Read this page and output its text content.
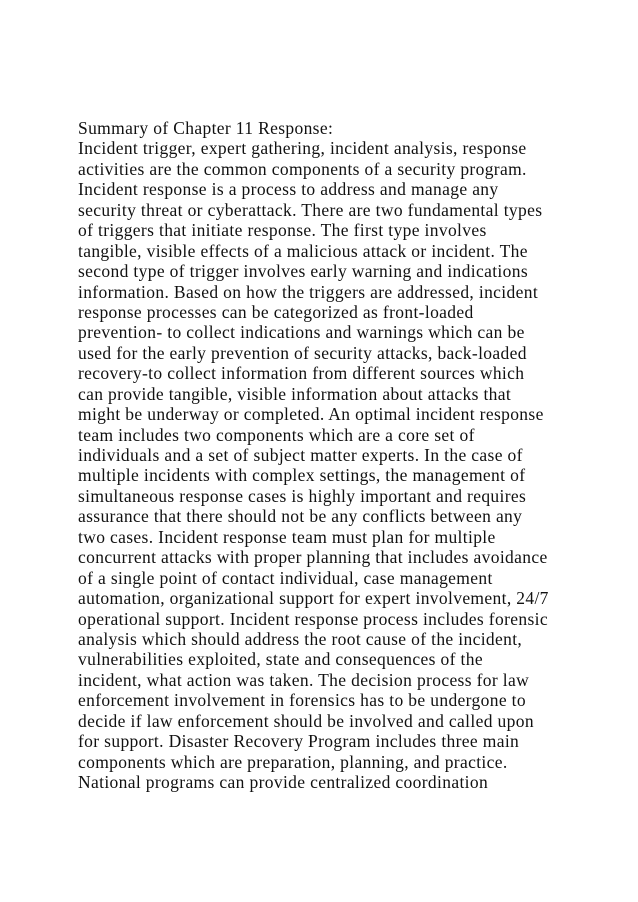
Summary of Chapter 11 Response:
Incident trigger, expert gathering, incident analysis, response
activities are the common components of a security program.
Incident response is a process to address and manage any
security threat or cyberattack. There are two fundamental types
of triggers that initiate response. The first type involves
tangible, visible effects of a malicious attack or incident. The
second type of trigger involves early warning and indications
information. Based on how the triggers are addressed, incident
response processes can be categorized as front-loaded
prevention- to collect indications and warnings which can be
used for the early prevention of security attacks, back-loaded
recovery-to collect information from different sources which
can provide tangible, visible information about attacks that
might be underway or completed. An optimal incident response
team includes two components which are a core set of
individuals and a set of subject matter experts. In the case of
multiple incidents with complex settings, the management of
simultaneous response cases is highly important and requires
assurance that there should not be any conflicts between any
two cases. Incident response team must plan for multiple
concurrent attacks with proper planning that includes avoidance
of a single point of contact individual, case management
automation, organizational support for expert involvement, 24/7
operational support. Incident response process includes forensic
analysis which should address the root cause of the incident,
vulnerabilities exploited, state and consequences of the
incident, what action was taken. The decision process for law
enforcement involvement in forensics has to be undergone to
decide if law enforcement should be involved and called upon
for support. Disaster Recovery Program includes three main
components which are preparation, planning, and practice.
National programs can provide centralized coordination
